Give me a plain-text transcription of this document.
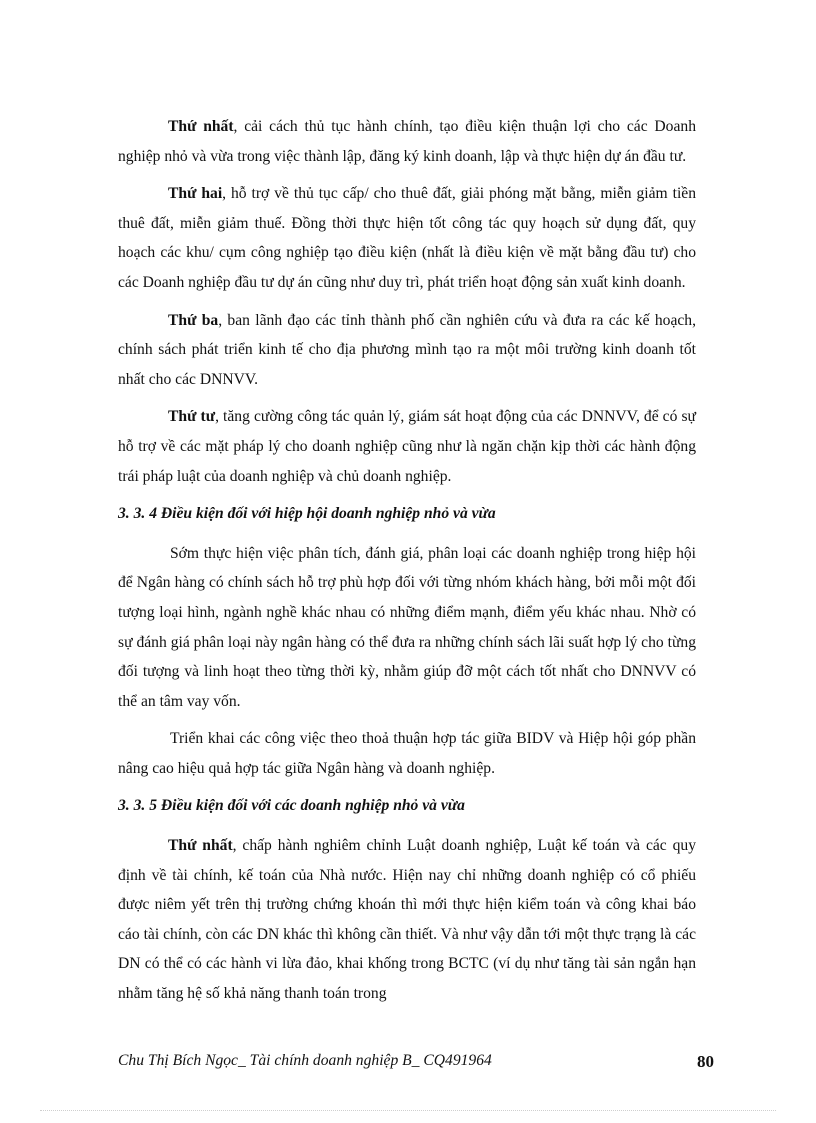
Thứ nhất, cải cách thủ tục hành chính, tạo điều kiện thuận lợi cho các Doanh nghiệp nhỏ và vừa trong việc thành lập, đăng ký kinh doanh, lập và thực hiện dự án đầu tư.

Thứ hai, hỗ trợ về thủ tục cấp/ cho thuê đất, giải phóng mặt bằng, miễn giảm tiền thuê đất, miễn giảm thuế. Đồng thời thực hiện tốt công tác quy hoạch sử dụng đất, quy hoạch các khu/ cụm công nghiệp tạo điều kiện (nhất là điều kiện về mặt bằng đầu tư) cho các Doanh nghiệp đầu tư dự án cũng như duy trì, phát triển hoạt động sản xuất kinh doanh.

Thứ ba, ban lãnh đạo các tỉnh thành phố cần nghiên cứu và đưa ra các kế hoạch, chính sách phát triển kinh tế cho địa phương mình tạo ra một môi trường kinh doanh tốt nhất cho các DNNVV.

Thứ tư, tăng cường công tác quản lý, giám sát hoạt động của các DNNVV, để có sự hỗ trợ về các mặt pháp lý cho doanh nghiệp cũng như là ngăn chặn kịp thời các hành động trái pháp luật của doanh nghiệp và chủ doanh nghiệp.

3. 3. 4 Điều kiện đối với hiệp hội doanh nghiệp nhỏ và vừa

Sớm thực hiện việc phân tích, đánh giá, phân loại các doanh nghiệp trong hiệp hội để Ngân hàng có chính sách hỗ trợ phù hợp đối với từng nhóm khách hàng, bởi mỗi một đối tượng loại hình, ngành nghề khác nhau có những điểm mạnh, điểm yếu khác nhau. Nhờ có sự đánh giá phân loại này ngân hàng có thể đưa ra những chính sách lãi suất hợp lý cho từng đối tượng và linh hoạt theo từng thời kỳ, nhằm giúp đỡ một cách tốt nhất cho DNNVV có thể an tâm vay vốn.

Triển khai các công việc theo thoả thuận hợp tác giữa BIDV và Hiệp hội góp phần nâng cao hiệu quả hợp tác giữa Ngân hàng và doanh nghiệp.

3. 3. 5 Điều kiện đối với các doanh nghiệp nhỏ và vừa

Thứ nhất, chấp hành nghiêm chỉnh Luật doanh nghiệp, Luật kế toán và các quy định về tài chính, kế toán của Nhà nước. Hiện nay chỉ những doanh nghiệp có cổ phiếu được niêm yết trên thị trường chứng khoán thì mới thực hiện kiểm toán và công khai báo cáo tài chính, còn các DN khác thì không cần thiết. Và như vậy dẫn tới một thực trạng là các DN có thể có các hành vi lừa đảo, khai khống trong BCTC (ví dụ như tăng tài sản ngắn hạn nhằm tăng hệ số khả năng thanh toán trong

Chu Thị Bích Ngọc_ Tài chính doanh nghiệp B_ CQ491964	80
